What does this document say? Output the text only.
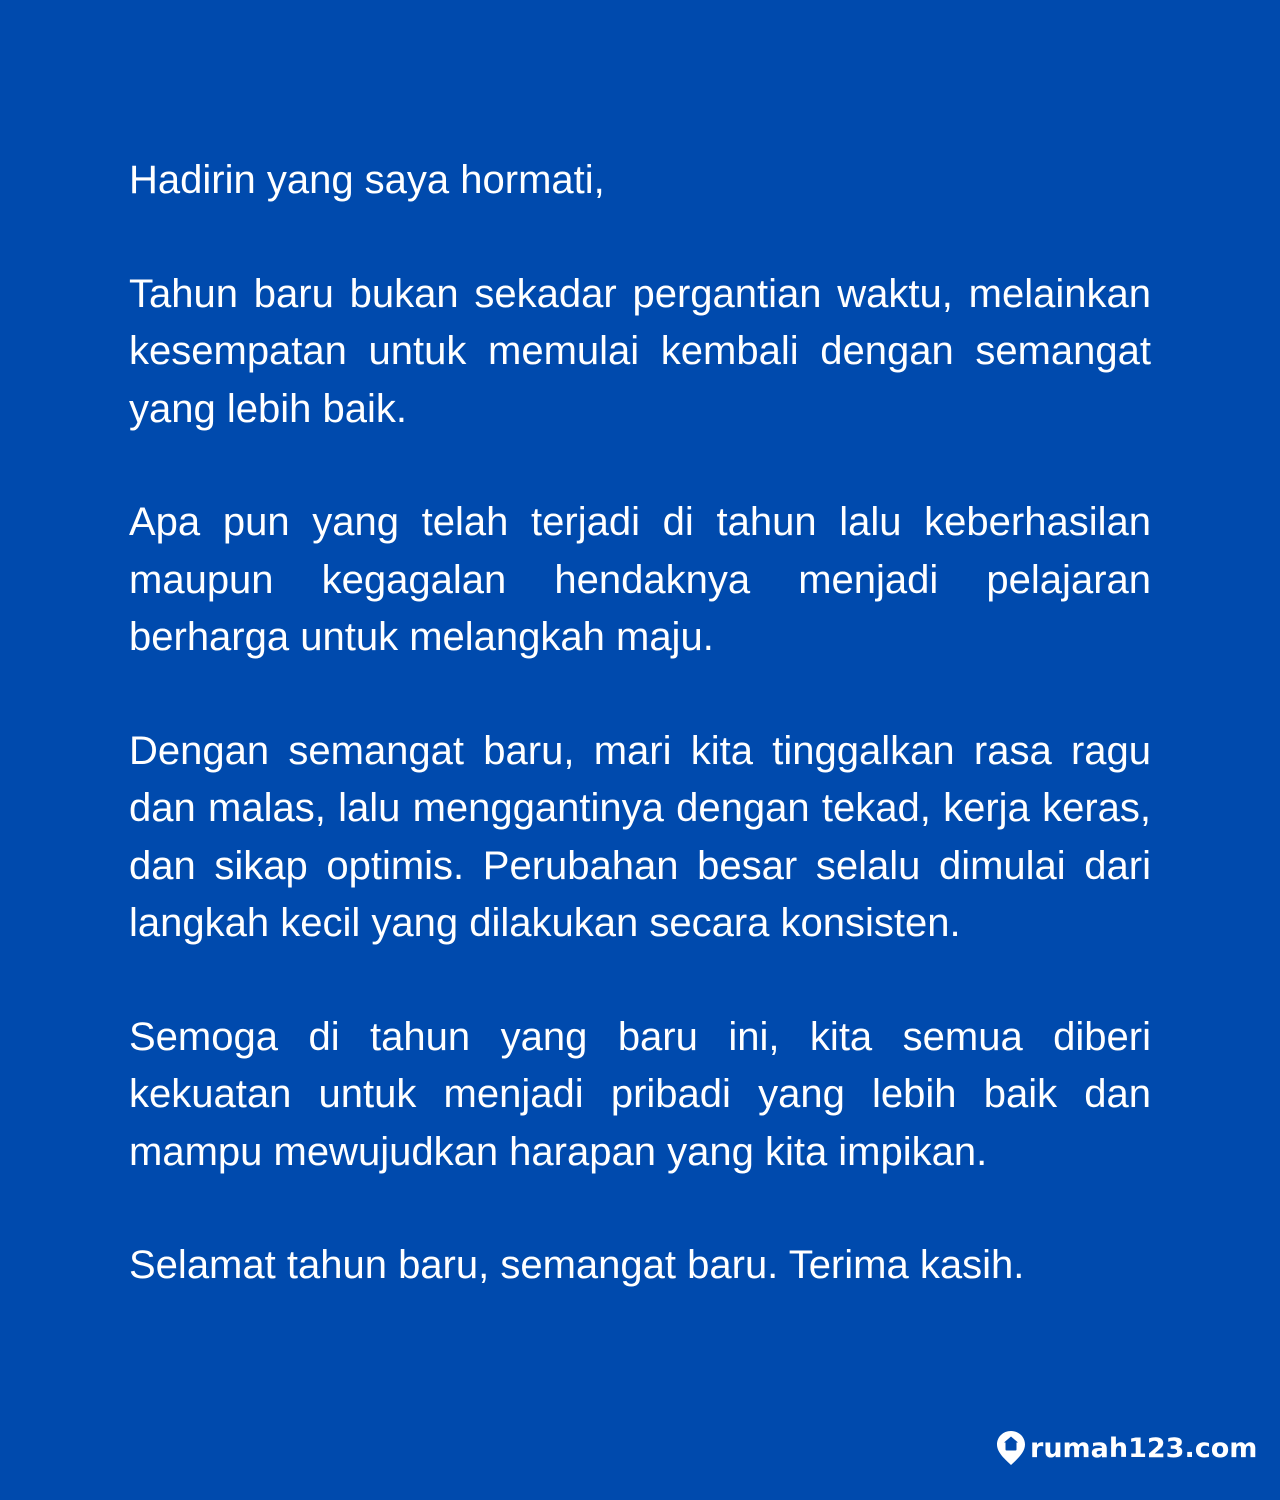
Hadirin yang saya hormati,

Tahun baru bukan sekadar pergantian waktu, melainkan kesempatan untuk memulai kembali dengan semangat yang lebih baik.

Apa pun yang telah terjadi di tahun lalu keberhasilan maupun kegagalan hendaknya menjadi pelajaran berharga untuk melangkah maju.

Dengan semangat baru, mari kita tinggalkan rasa ragu dan malas, lalu menggantinya dengan tekad, kerja keras, dan sikap optimis. Perubahan besar selalu dimulai dari langkah kecil yang dilakukan secara konsisten.

Semoga di tahun yang baru ini, kita semua diberi kekuatan untuk menjadi pribadi yang lebih baik dan mampu mewujudkan harapan yang kita impikan.

Selamat tahun baru, semangat baru. Terima kasih.

rumah123.com
